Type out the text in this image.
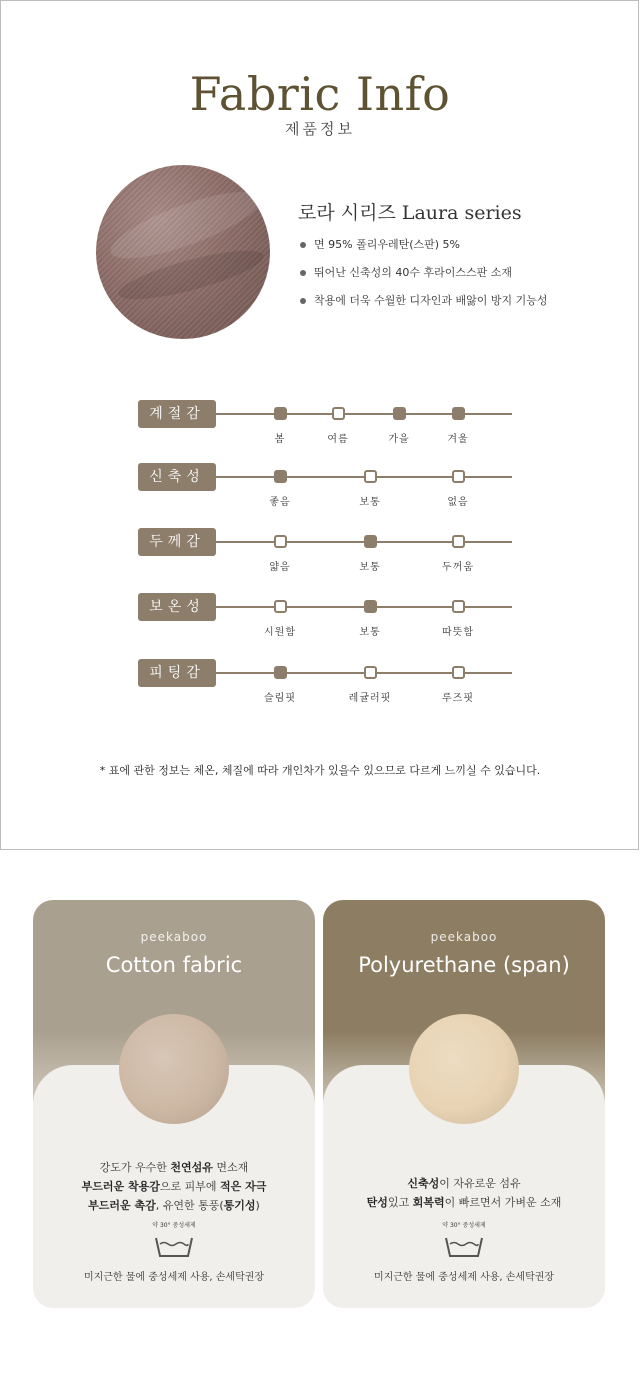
Fabric Info
제품정보
로라 시리즈 Laura series
면 95% 폴리우레탄(스판) 5%
뛰어난 신축성의 40수 후라이스스판 소재
착용에 더욱 수월한 디자인과 배앓이 방지 기능성
계절감
봄	여름	가을	겨울
신축성
좋음	보통	없음
두께감
얇음	보통	두꺼움
보온성
시원함	보통	따뜻함
피팅감
슬림핏	레귤러핏	루즈핏
* 표에 관한 정보는 체온, 체질에 따라 개인차가 있을수 있으므로 다르게 느끼실 수 있습니다.
peekaboo
Cotton fabric
강도가 우수한 천연섬유 면소재
부드러운 착용감으로 피부에 적은 자극
부드러운 촉감, 유연한 통풍(통기성)
약 30° 중성세제
미지근한 물에 중성세제 사용, 손세탁권장
peekaboo
Polyurethane (span)
신축성이 자유로운 섬유
탄성있고 회복력이 빠르면서 가벼운 소재
약 30° 중성세제
미지근한 물에 중성세제 사용, 손세탁권장
